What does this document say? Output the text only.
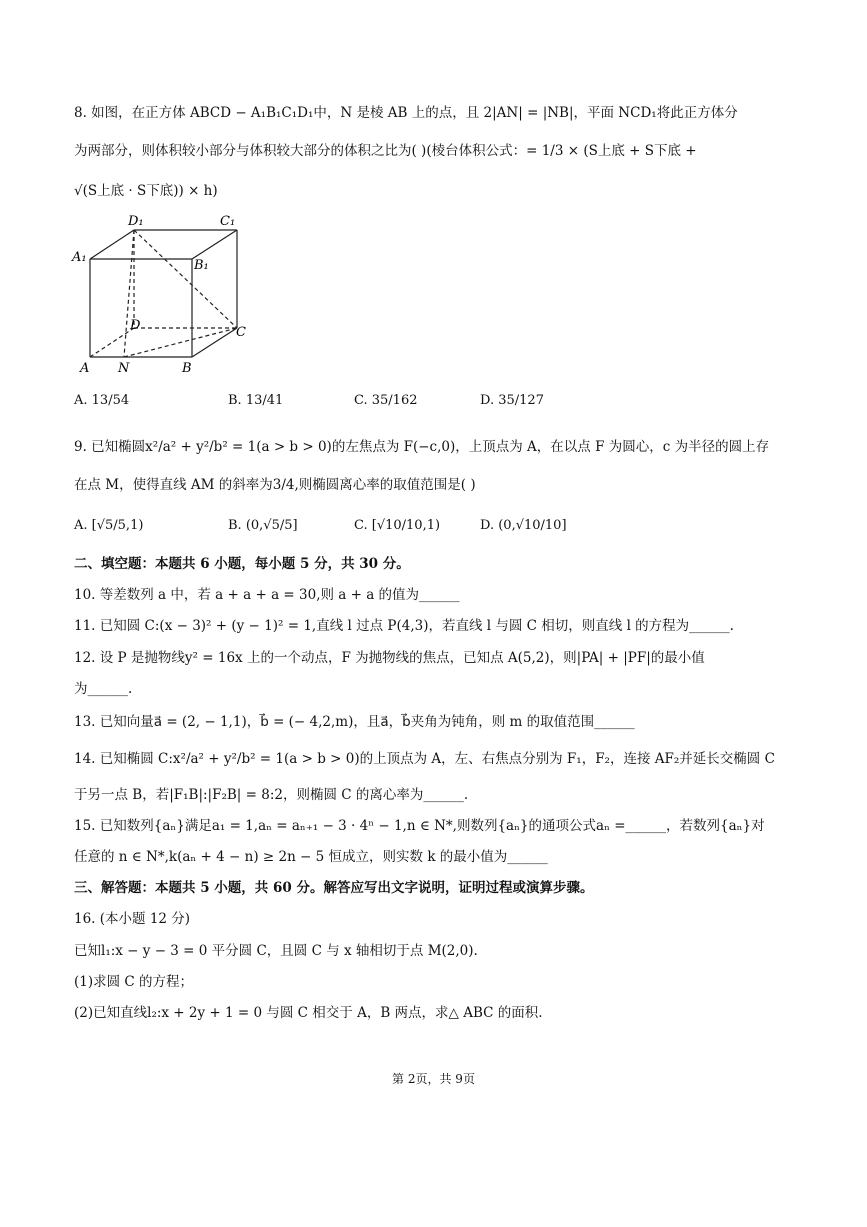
8. 如图，在正方体 ABCD − A₁B₁C₁D₁中，N 是棱 AB 上的点，且 2|AN| = |NB|，平面 NCD₁将此正方体分
为两部分，则体积较小部分与体积较大部分的体积之比为( )(棱台体积公式：= 1/3 × (S上底 + S下底 +
√(S上底 · S下底)) × h)
D₁	C₁
A₁
B₁
D	C
A N	B
A. 13/54	B. 13/41	C. 35/162	D. 35/127
9. 已知椭圆x²/a² + y²/b² = 1(a > b > 0)的左焦点为 F(−c,0)，上顶点为 A，在以点 F 为圆心，c 为半径的圆上存
在点 M，使得直线 AM 的斜率为3/4,则椭圆离心率的取值范围是( )
A. [√5/5,1)	B. (0,√5/5]	C. [√10/10,1)	D. (0,√10/10]
二、填空题：本题共 6 小题，每小题 5 分，共 30 分。
10. 等差数列 a 中，若 a + a + a = 30,则 a + a 的值为______
11. 已知圆 C:(x − 3)² + (y − 1)² = 1,直线 l 过点 P(4,3)，若直线 l 与圆 C 相切，则直线 l 的方程为______.
12. 设 P 是抛物线y² = 16x 上的一个动点，F 为抛物线的焦点，已知点 A(5,2)，则|PA| + |PF|的最小值
为______.
13. 已知向量a⃗ = (2, − 1,1)，b⃗ = (− 4,2,m)，且a⃗，b⃗夹角为钝角，则 m 的取值范围______
14. 已知椭圆 C:x²/a² + y²/b² = 1(a > b > 0)的上顶点为 A，左、右焦点分别为 F₁，F₂，连接 AF₂并延长交椭圆 C
于另一点 B，若|F₁B|:|F₂B| = 8:2，则椭圆 C 的离心率为______.
15. 已知数列{aₙ}满足a₁ = 1,aₙ = aₙ₊₁ − 3 · 4ⁿ − 1,n ∈ N*,则数列{aₙ}的通项公式aₙ =______，若数列{aₙ}对
任意的 n ∈ N*,k(aₙ + 4 − n) ≥ 2n − 5 恒成立，则实数 k 的最小值为______
三、解答题：本题共 5 小题，共 60 分。解答应写出文字说明，证明过程或演算步骤。
16. (本小题 12 分)
已知l₁:x − y − 3 = 0 平分圆 C，且圆 C 与 x 轴相切于点 M(2,0).
(1)求圆 C 的方程；
(2)已知直线l₂:x + 2y + 1 = 0 与圆 C 相交于 A，B 两点，求△ ABC 的面积.
第 2页，共 9页
